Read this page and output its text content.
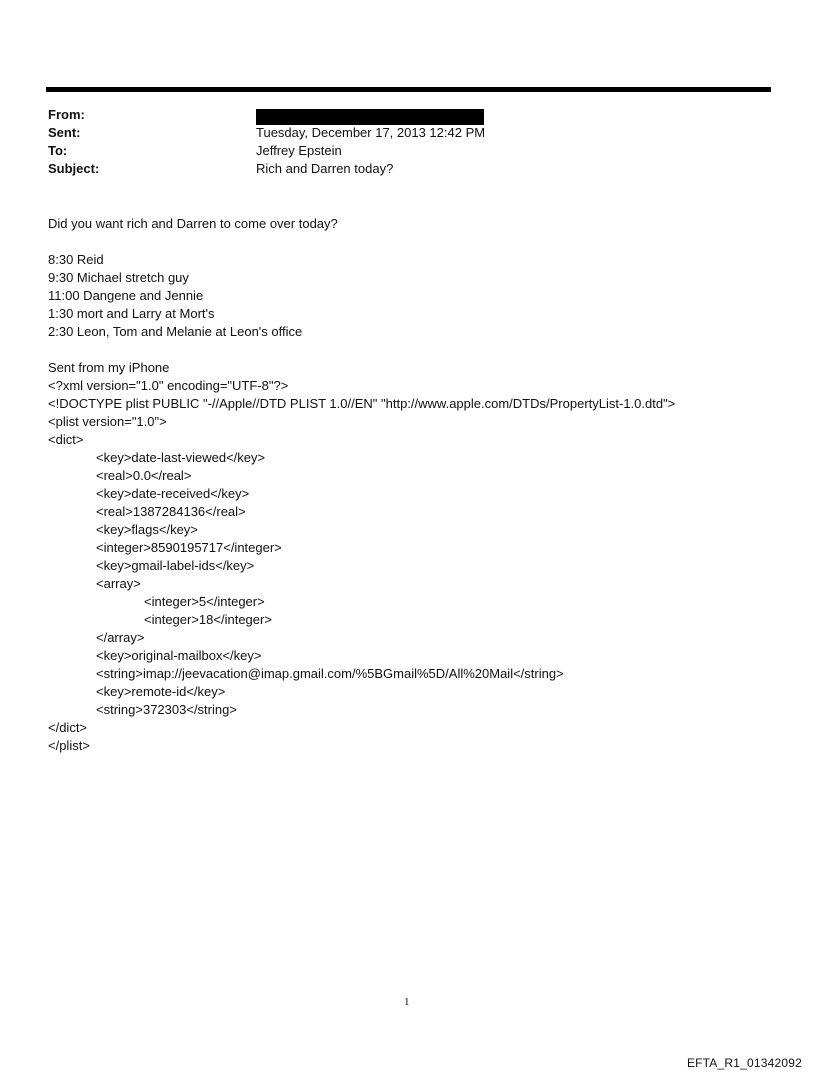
From:
Sent:	Tuesday, December 17, 2013 12:42 PM
To:	Jeffrey Epstein
Subject:	Rich and Darren today?
Did you want rich and Darren to come over today?
8:30 Reid
9:30 Michael stretch guy
11:00 Dangene and Jennie
1:30 mort and Larry at Mort's
2:30 Leon, Tom and Melanie at Leon's office
Sent from my iPhone
<?xml version="1.0" encoding="UTF-8"?>
<!DOCTYPE plist PUBLIC "-//Apple//DTD PLIST 1.0//EN" "http://www.apple.com/DTDs/PropertyList-1.0.dtd">
<plist version="1.0">
<dict>
<key>date-last-viewed</key>
<real>0.0</real>
<key>date-received</key>
<real>1387284136</real>
<key>flags</key>
<integer>8590195717</integer>
<key>gmail-label-ids</key>
<array>
<integer>5</integer>
<integer>18</integer>
</array>
<key>original-mailbox</key>
<string>imap://jeevacation@imap.gmail.com/%5BGmail%5D/All%20Mail</string>
<key>remote-id</key>
<string>372303</string>
</dict>
</plist>
1
EFTA_R1_01342092
